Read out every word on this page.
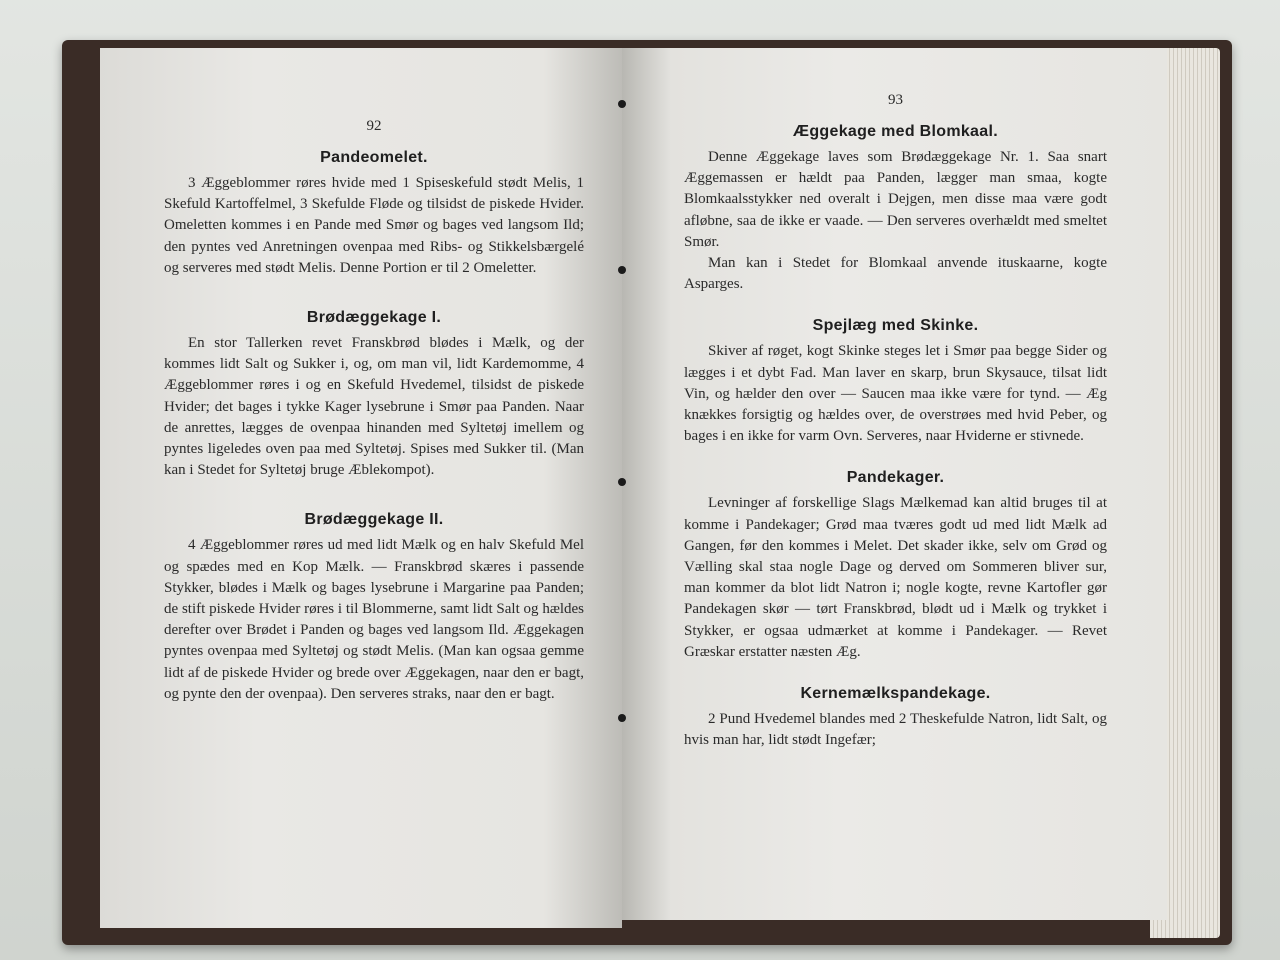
92
Pandeomelet.

3 Æggeblommer røres hvide med 1 Spiseskefuld stødt Melis, 1 Skefuld Kartoffelmel, 3 Skefulde Fløde og tilsidst de piskede Hvider. Omeletten kommes i en Pande med Smør og bages ved langsom Ild; den pyntes ved Anretningen ovenpaa med Ribs- og Stikkelsbærgelé og serveres med stødt Melis. Denne Portion er til 2 Omeletter.

Brødæggekage I.

En stor Tallerken revet Franskbrød blødes i Mælk, og der kommes lidt Salt og Sukker i, og, om man vil, lidt Kardemomme, 4 Æggeblommer røres i og en Skefuld Hvedemel, tilsidst de piskede Hvider; det bages i tykke Kager lysebrune i Smør paa Panden. Naar de anrettes, lægges de ovenpaa hinanden med Syltetøj imellem og pyntes ligeledes oven paa med Syltetøj. Spises med Sukker til. (Man kan i Stedet for Syltetøj bruge Æblekompot).

Brødæggekage II.

4 Æggeblommer røres ud med lidt Mælk og en halv Skefuld Mel og spædes med en Kop Mælk. — Franskbrød skæres i passende Stykker, blødes i Mælk og bages lysebrune i Margarine paa Panden; de stift piskede Hvider røres i til Blommerne, samt lidt Salt og hældes derefter over Brødet i Panden og bages ved langsom Ild. Æggekagen pyntes ovenpaa med Syltetøj og stødt Melis. (Man kan ogsaa gemme lidt af de piskede Hvider og brede over Æggekagen, naar den er bagt, og pynte den der ovenpaa). Den serveres straks, naar den er bagt.

93
Æggekage med Blomkaal.

Denne Æggekage laves som Brødæggekage Nr. 1. Saa snart Æggemassen er hældt paa Panden, lægger man smaa, kogte Blomkaalsstykker ned overalt i Dejgen, men disse maa være godt afløbne, saa de ikke er vaade. — Den serveres overhældt med smeltet Smør.

Man kan i Stedet for Blomkaal anvende ituskaarne, kogte Asparges.

Spejlæg med Skinke.

Skiver af røget, kogt Skinke steges let i Smør paa begge Sider og lægges i et dybt Fad. Man laver en skarp, brun Skysauce, tilsat lidt Vin, og hælder den over — Saucen maa ikke være for tynd. — Æg knækkes forsigtig og hældes over, de overstrøes med hvid Peber, og bages i en ikke for varm Ovn. Serveres, naar Hviderne er stivnede.

Pandekager.

Levninger af forskellige Slags Mælkemad kan altid bruges til at komme i Pandekager; Grød maa tværes godt ud med lidt Mælk ad Gangen, før den kommes i Melet. Det skader ikke, selv om Grød og Vælling skal staa nogle Dage og derved om Sommeren bliver sur, man kommer da blot lidt Natron i; nogle kogte, revne Kartofler gør Pandekagen skør — tørt Franskbrød, blødt ud i Mælk og trykket i Stykker, er ogsaa udmærket at komme i Pandekager. — Revet Græskar erstatter næsten Æg.

Kernemælkspandekage.

2 Pund Hvedemel blandes med 2 Theskefulde Natron, lidt Salt, og hvis man har, lidt stødt Ingefær;
